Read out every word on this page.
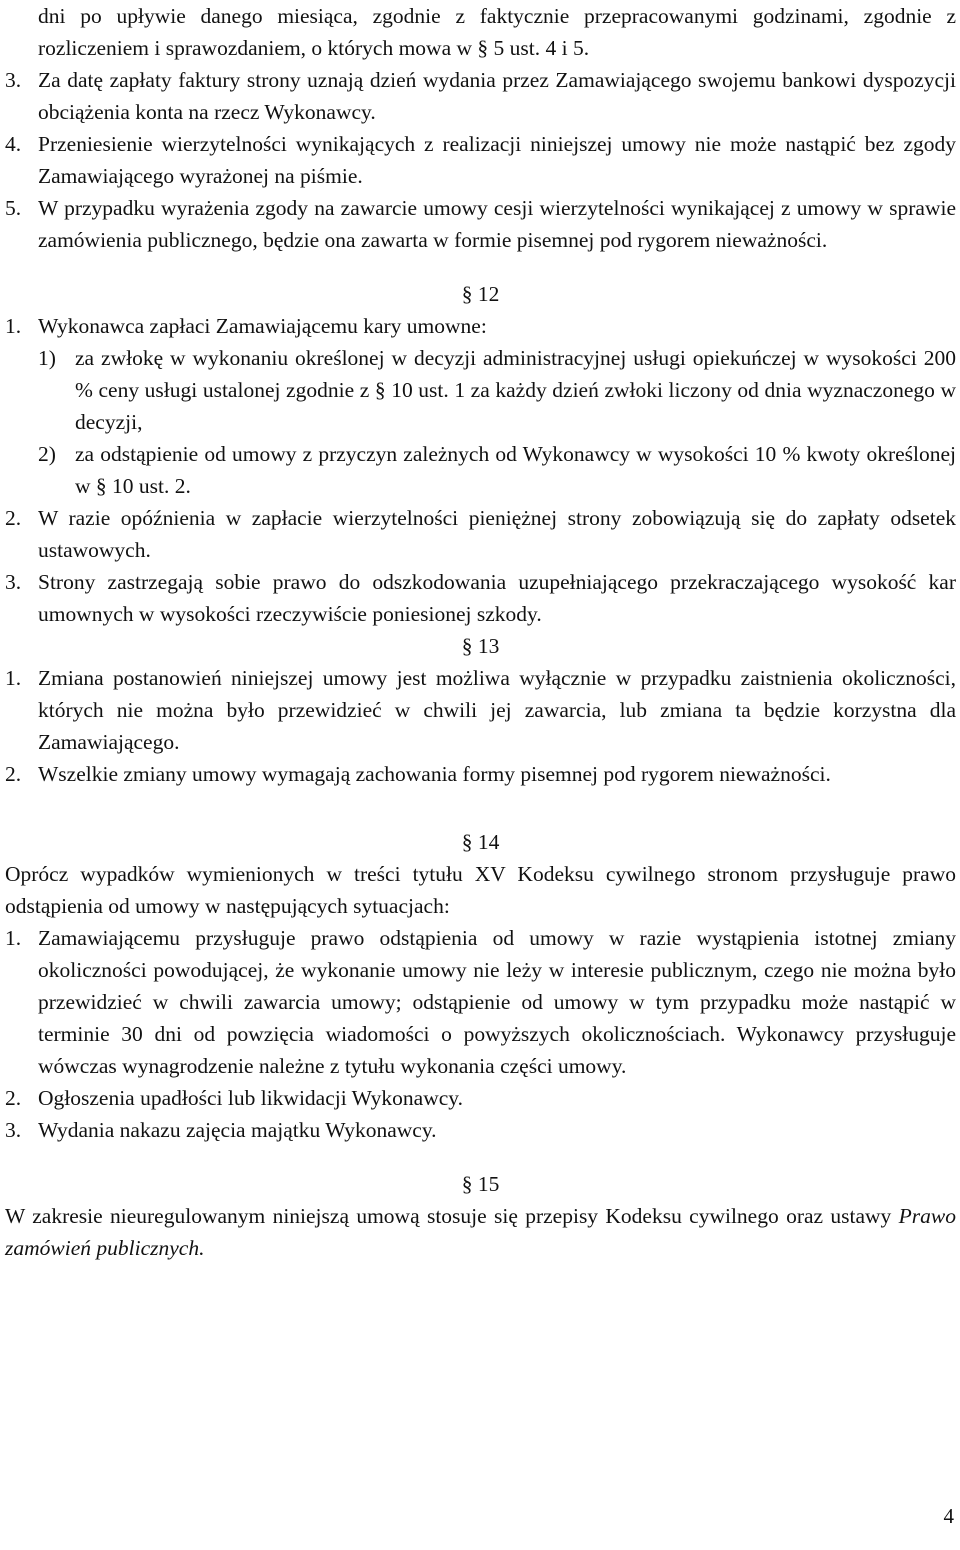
dni po upływie danego miesiąca, zgodnie z faktycznie przepracowanymi godzinami, zgodnie z rozliczeniem i sprawozdaniem, o których mowa w § 5 ust. 4 i 5.

3. Za datę zapłaty faktury strony uznają dzień wydania przez Zamawiającego swojemu bankowi dyspozycji obciążenia konta na rzecz Wykonawcy.
4. Przeniesienie wierzytelności wynikających z realizacji niniejszej umowy nie może nastąpić bez zgody Zamawiającego wyrażonej na piśmie.
5. W przypadku wyrażenia zgody na zawarcie umowy cesji wierzytelności wynikającej z umowy w sprawie zamówienia publicznego, będzie ona zawarta w formie pisemnej pod rygorem nieważności.

§ 12

1. Wykonawca zapłaci Zamawiającemu kary umowne:
1) za zwłokę w wykonaniu określonej w decyzji administracyjnej usługi opiekuńczej w wysokości 200 % ceny usługi ustalonej zgodnie z § 10 ust. 1 za każdy dzień zwłoki liczony od dnia wyznaczonego w decyzji,
2) za odstąpienie od umowy z przyczyn zależnych od Wykonawcy w wysokości 10 % kwoty określonej w § 10 ust. 2.
2. W razie opóźnienia w zapłacie wierzytelności pieniężnej strony zobowiązują się do zapłaty odsetek ustawowych.
3. Strony zastrzegają sobie prawo do odszkodowania uzupełniającego przekraczającego wysokość kar umownych w wysokości rzeczywiście poniesionej szkody.

§ 13

1. Zmiana postanowień niniejszej umowy jest możliwa wyłącznie w przypadku zaistnienia okoliczności, których nie można było przewidzieć w chwili jej zawarcia, lub zmiana ta będzie korzystna dla Zamawiającego.
2. Wszelkie zmiany umowy wymagają zachowania formy pisemnej pod rygorem nieważności.

§ 14

Oprócz wypadków wymienionych w treści tytułu XV Kodeksu cywilnego stronom przysługuje prawo odstąpienia od umowy w następujących sytuacjach:

1. Zamawiającemu przysługuje prawo odstąpienia od umowy w razie wystąpienia istotnej zmiany okoliczności powodującej, że wykonanie umowy nie leży w interesie publicznym, czego nie można było przewidzieć w chwili zawarcia umowy; odstąpienie od umowy w tym przypadku może nastąpić w terminie 30 dni od powzięcia wiadomości o powyższych okolicznościach. Wykonawcy przysługuje wówczas wynagrodzenie należne z tytułu wykonania części umowy.
2. Ogłoszenia upadłości lub likwidacji Wykonawcy.
3. Wydania nakazu zajęcia majątku Wykonawcy.

§ 15

W zakresie nieuregulowanym niniejszą umową stosuje się przepisy Kodeksu cywilnego oraz ustawy Prawo zamówień publicznych.

4
